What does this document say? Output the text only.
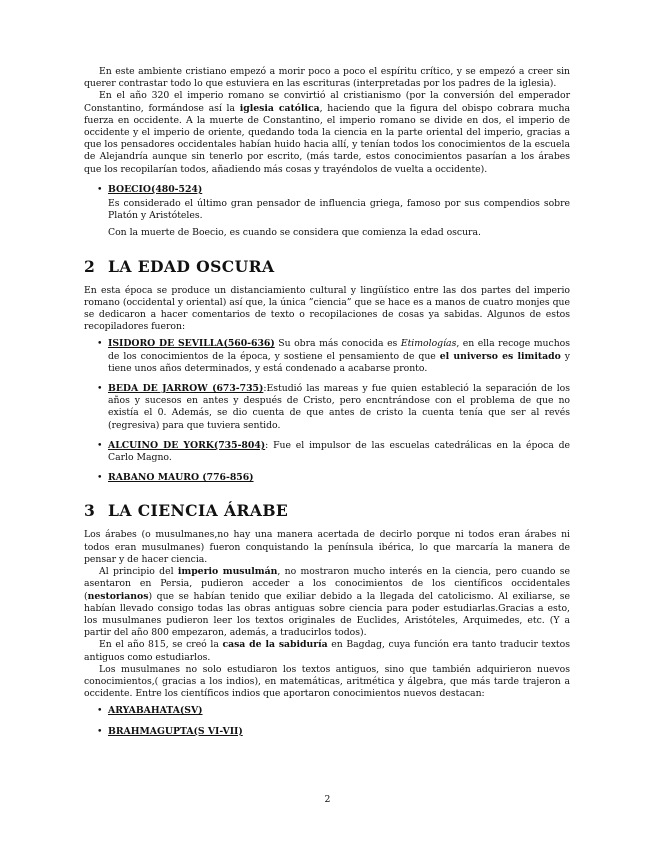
En este ambiente cristiano empezó a morir poco a poco el espíritu crítico, y se empezó a creer sin querer contrastar todo lo que estuviera en las escrituras (interpretadas por los padres de la iglesia).

En el año 320 el imperio romano se convirtió al cristianismo (por la conversión del emperador Constantino, formándose así la iglesia católica, haciendo que la figura del obispo cobrara mucha fuerza en occidente. A la muerte de Constantino, el imperio romano se divide en dos, el imperio de occidente y el imperio de oriente, quedando toda la ciencia en la parte oriental del imperio, gracias a que los pensadores occidentales habían huido hacia allí, y tenían todos los conocimientos de la escuela de Alejandría aunque sin tenerlo por escrito, (más tarde, estos conocimientos pasarían a los árabes que los recopilarían todos, añadiendo más cosas y trayéndolos de vuelta a occidente).

• BOECIO(480-524)

Es considerado el último gran pensador de influencia griega, famoso por sus compendios sobre Platón y Aristóteles.

Con la muerte de Boecio, es cuando se considera que comienza la edad oscura.

2 LA EDAD OSCURA

En esta época se produce un distanciamiento cultural y lingüístico entre las dos partes del imperio romano (occidental y oriental) así que, la única ”ciencia” que se hace es a manos de cuatro monjes que se dedicaron a hacer comentarios de texto o recopilaciones de cosas ya sabidas. Algunos de estos recopiladores fueron:

• ISIDORO DE SEVILLA(560-636) Su obra más conocida es Etimologías, en ella recoge muchos de los conocimientos de la época, y sostiene el pensamiento de que el universo es limitado y tiene unos años determinados, y está condenado a acabarse pronto.

• BEDA DE JARROW (673-735):Estudió las mareas y fue quien estableció la separación de los años y sucesos en antes y después de Cristo, pero encntrándose con el problema de que no existía el 0. Además, se dio cuenta de que antes de cristo la cuenta tenía que ser al revés (regresiva) para que tuviera sentido.

• ALCUINO DE YORK(735-804): Fue el impulsor de las escuelas catedrálicas en la época de Carlo Magno.

• RABANO MAURO (776-856)

3 LA CIENCIA ÁRABE

Los árabes (o musulmanes,no hay una manera acertada de decirlo porque ni todos eran árabes ni todos eran musulmanes) fueron conquistando la península ibérica, lo que marcaría la manera de pensar y de hacer ciencia.

Al principio del imperio musulmán, no mostraron mucho interés en la ciencia, pero cuando se asentaron en Persia, pudieron acceder a los conocimientos de los científicos occidentales (nestorianos) que se habían tenido que exiliar debido a la llegada del catolicismo. Al exiliarse, se habían llevado consigo todas las obras antiguas sobre ciencia para poder estudiarlas.Gracias a esto, los musulmanes pudieron leer los textos originales de Euclides, Aristóteles, Arquimedes, etc. (Y a partir del año 800 empezaron, además, a traducirlos todos).

En el año 815, se creó la casa de la sabiduría en Bagdag, cuya función era tanto traducir textos antiguos como estudiarlos.

Los musulmanes no solo estudiaron los textos antiguos, sino que también adquirieron nuevos conocimientos,( gracias a los indios), en matemáticas, aritmética y álgebra, que más tarde trajeron a occidente. Entre los científicos indios que aportaron conocimientos nuevos destacan:

• ARYABAHATA(SV)
• BRAHMAGUPTA(S VI-VII)
2
